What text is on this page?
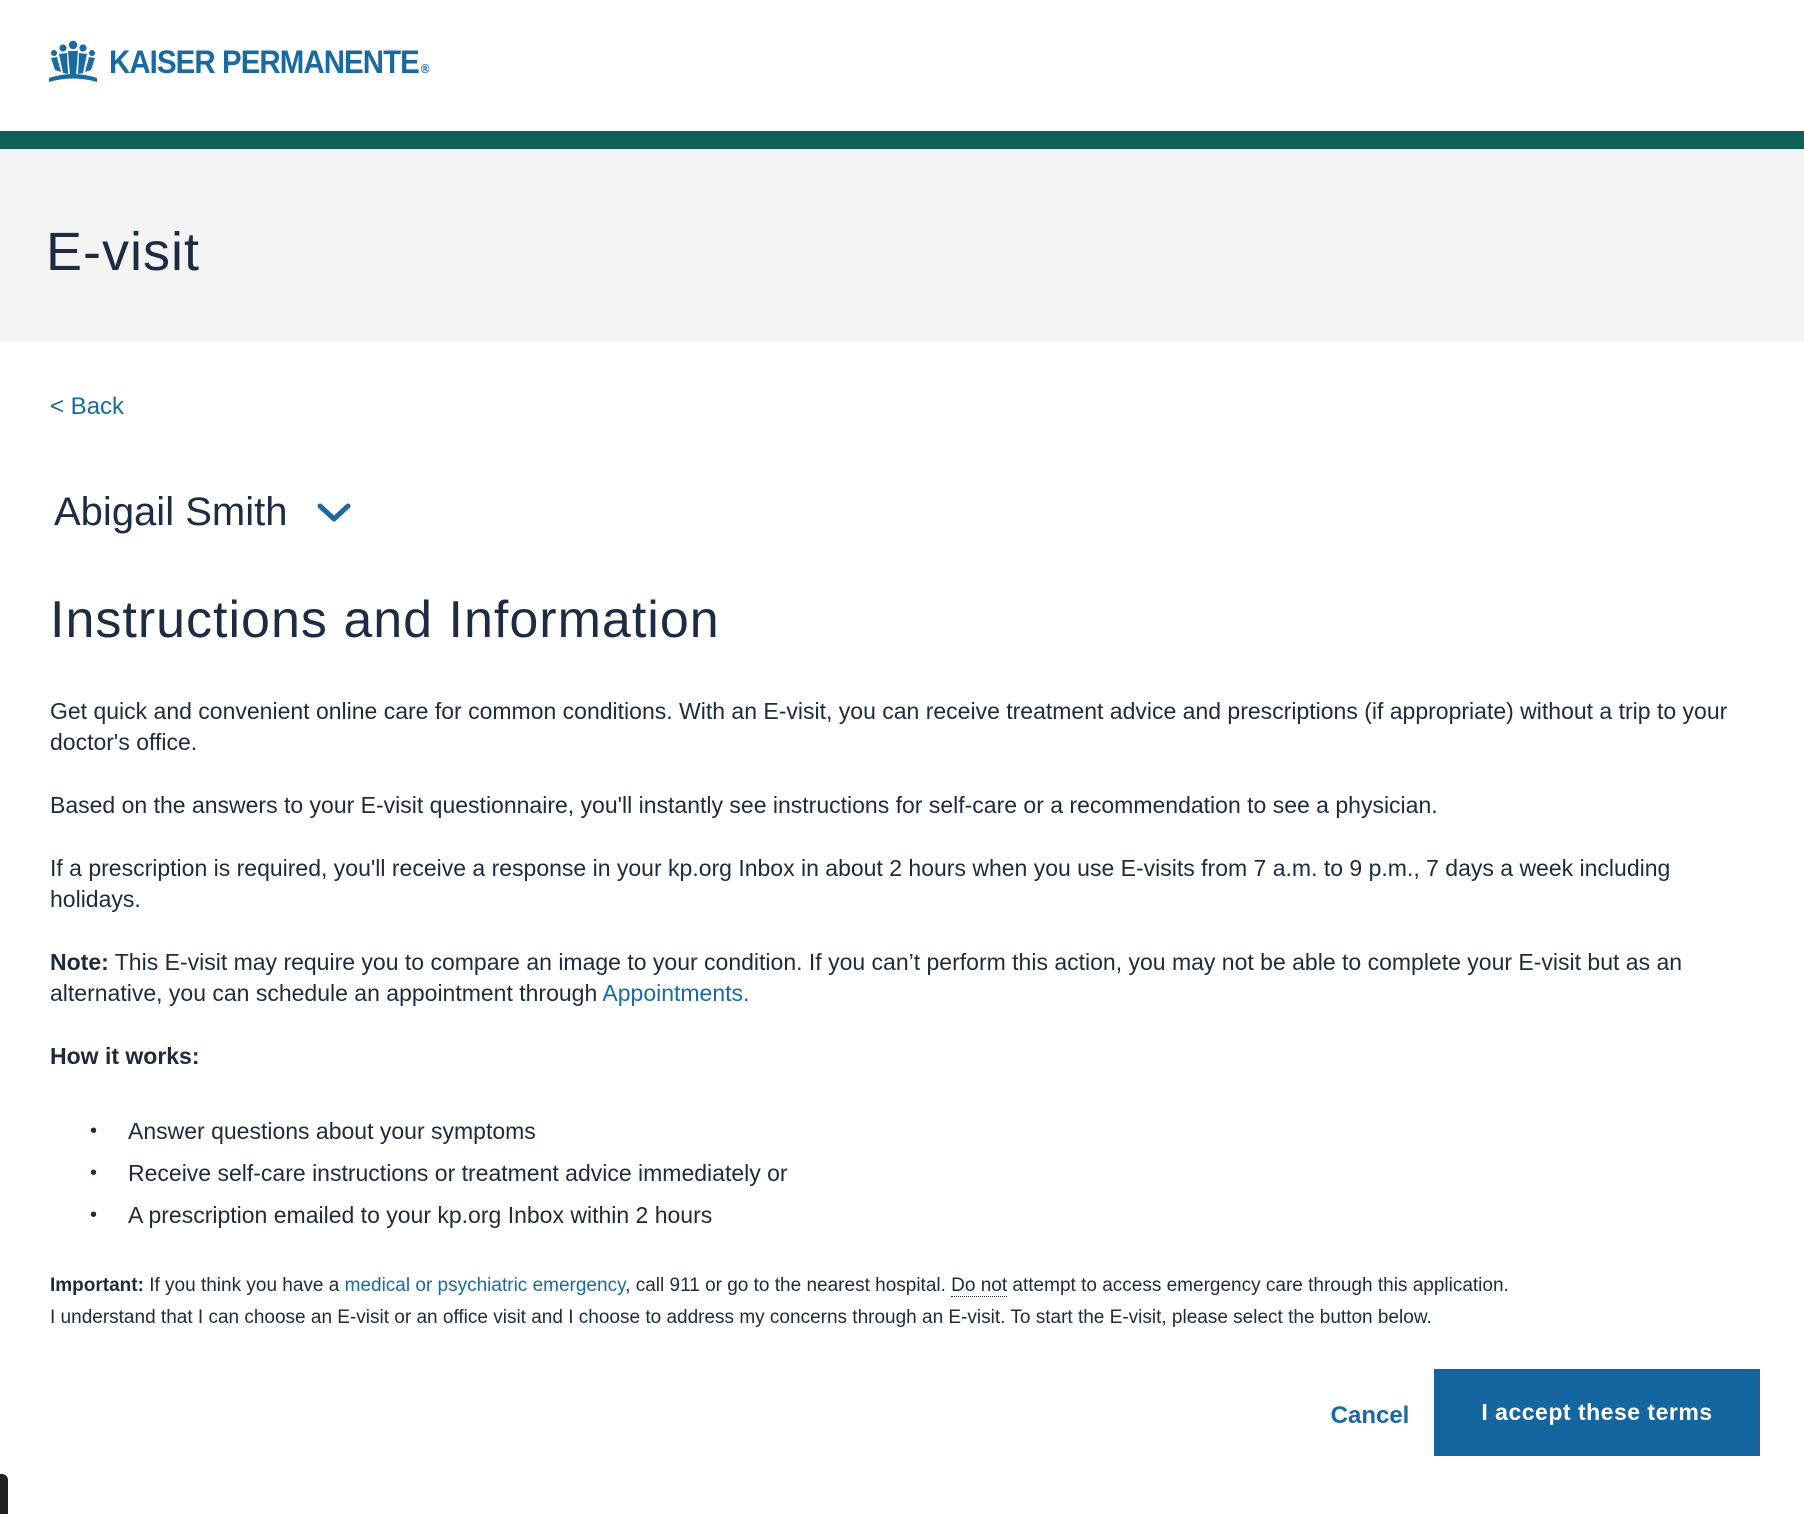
KAISER PERMANENTE ®
E-visit
< Back
Abigail Smith
Instructions and Information

Get quick and convenient online care for common conditions. With an E-visit, you can receive treatment advice and prescriptions (if appropriate) without a trip to your doctor's office.

Based on the answers to your E-visit questionnaire, you'll instantly see instructions for self-care or a recommendation to see a physician.

If a prescription is required, you'll receive a response in your kp.org Inbox in about 2 hours when you use E-visits from 7 a.m. to 9 p.m., 7 days a week including holidays.

Note: This E-visit may require you to compare an image to your condition. If you can’t perform this action, you may not be able to complete your E-visit but as an alternative, you can schedule an appointment through Appointments.

How it works:
• Answer questions about your symptoms
• Receive self-care instructions or treatment advice immediately or
• A prescription emailed to your kp.org Inbox within 2 hours
Important: If you think you have a medical or psychiatric emergency, call 911 or go to the nearest hospital. Do not attempt to access emergency care through this application.
I understand that I can choose an E-visit or an office visit and I choose to address my concerns through an E-visit. To start the E-visit, please select the button below.
Cancel	I accept these terms
